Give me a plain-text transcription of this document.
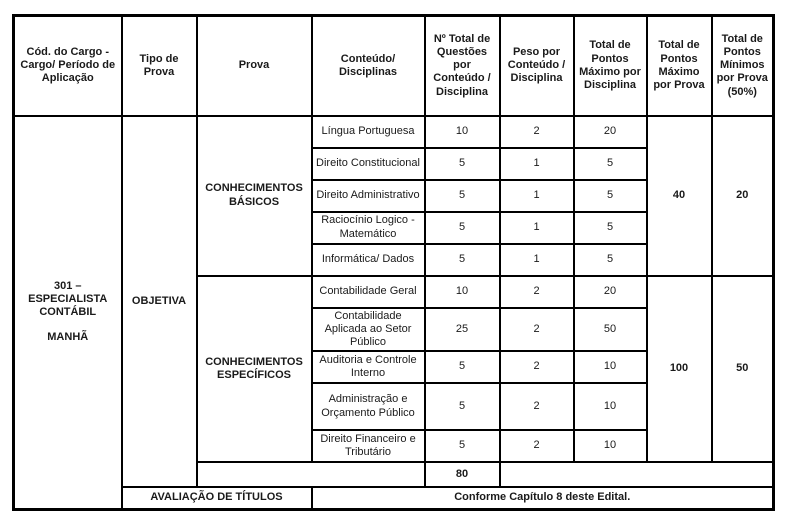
Cód. do Cargo - Cargo/ Período de Aplicação	Tipo de Prova	Prova	Conteúdo/ Disciplinas	Nº Total de Questões por Conteúdo / Disciplina	Peso por Conteúdo / Disciplina	Total de Pontos Máximo por Disciplina	Total de Pontos Máximo por Prova	Total de Pontos Mínimos por Prova (50%)

301 – ESPECIALISTA CONTÁBIL
MANHÃ	OBJETIVA	CONHECIMENTOS BÁSICOS	Língua Portuguesa	10	2	20	40	20
			Direito Constitucional	5	1	5		
			Direito Administrativo	5	1	5		
			Raciocínio Logico - Matemático	5	1	5		
			Informática/ Dados	5	1	5		
		CONHECIMENTOS ESPECÍFICOS	Contabilidade Geral	10	2	20	100	50
			Contabilidade Aplicada ao Setor Público	25	2	50		
			Auditoria e Controle Interno	5	2	10		
			Administração e Orçamento Público	5	2	10		
			Direito Financeiro e Tributário	5	2	10		
				80				
	AVALIAÇÃO DE TÍTULOS		Conforme Capítulo 8 deste Edital.					
